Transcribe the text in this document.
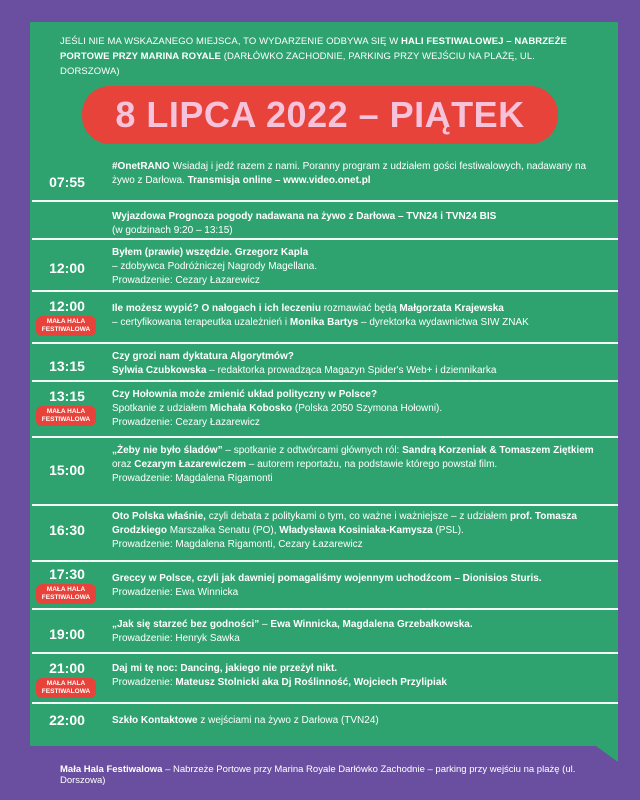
JEŚLI NIE MA WSKAZANEGO MIEJSCA, TO WYDARZENIE ODBYWA SIĘ W HALI FESTIWALOWEJ – NABRZEŻE PORTOWE PRZY MARINA ROYALE (DARŁÓWKO ZACHODNIE, PARKING PRZY WEJŚCIU NA PLAŻĘ, UL. DORSZOWA)
8 LIPCA 2022 – PIĄTEK
07:55
#OnetRANO Wsiadaj i jedź razem z nami. Poranny program z udziałem gości festiwalowych, nadawany na żywo z Darłowa. Transmisja online – www.video.onet.pl
Wyjazdowa Prognoza pogody nadawana na żywo z Darłowa – TVN24 i TVN24 BIS
(w godzinach 9:20 – 13:15)
12:00
Byłem (prawie) wszędzie. Grzegorz Kapla
– zdobywca Podróżniczej Nagrody Magellana.
Prowadzenie: Cezary Łazarewicz
12:00
MAŁA HALA FESTIWALOWA
Ile możesz wypić? O nałogach i ich leczeniu rozmawiać będą Małgorzata Krajewska
– certyfikowana terapeutka uzależnień i Monika Bartys – dyrektorka wydawnictwa SIW ZNAK
13:15
Czy grozi nam dyktatura Algorytmów?
Sylwia Czubkowska – redaktorka prowadząca Magazyn Spider's Web+ i dziennikarka
13:15
MAŁA HALA FESTIWALOWA
Czy Hołownia może zmienić układ polityczny w Polsce?
Spotkanie z udziałem Michała Kobosko (Polska 2050 Szymona Hołowni).
Prowadzenie: Cezary Łazarewicz
15:00
„Żeby nie było śladów” – spotkanie z odtwórcami głównych ról: Sandrą Korzeniak & Tomaszem Ziętkiem oraz Cezarym Łazarewiczem – autorem reportażu, na podstawie którego powstał film.
Prowadzenie: Magdalena Rigamonti
16:30
Oto Polska właśnie, czyli debata z politykami o tym, co ważne i ważniejsze – z udziałem prof. Tomasza Grodzkiego Marszałka Senatu (PO), Władysława Kosiniaka-Kamysza (PSL).
Prowadzenie: Magdalena Rigamonti, Cezary Łazarewicz
17:30
MAŁA HALA FESTIWALOWA
Greccy w Polsce, czyli jak dawniej pomagaliśmy wojennym uchodźcom – Dionisios Sturis.
Prowadzenie: Ewa Winnicka
19:00
„Jak się starzeć bez godności” – Ewa Winnicka, Magdalena Grzebałkowska.
Prowadzenie: Henryk Sawka
21:00
MAŁA HALA FESTIWALOWA
Daj mi tę noc: Dancing, jakiego nie przeżył nikt.
Prowadzenie: Mateusz Stolnicki aka Dj Roślinność, Wojciech Przylipiak
22:00	Szkło Kontaktowe z wejściami na żywo z Darłowa (TVN24)
Mała Hala Festiwalowa – Nabrzeże Portowe przy Marina Royale Darłówko Zachodnie – parking przy wejściu na plażę (ul. Dorszowa)
